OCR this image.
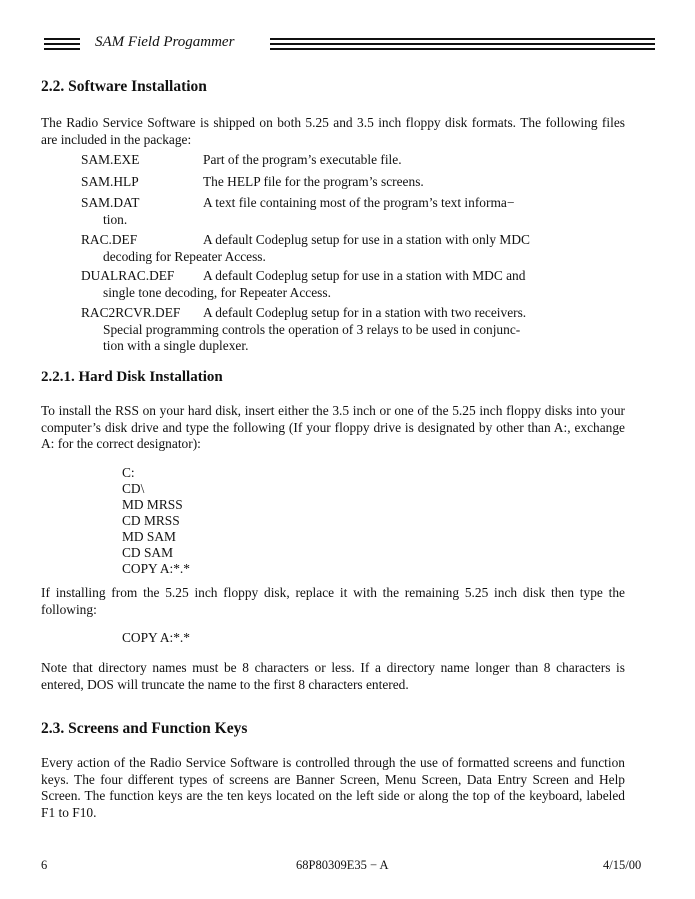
SAM Field Progammer
2.2. Software Installation

The Radio Service Software is shipped on both 5.25 and 3.5 inch floppy disk formats. The following files are included in the package:

SAM.EXE	Part of the program’s executable file.
SAM.HLP	The HELP file for the program’s screens.
SAM.DAT	A text file containing most of the program’s text informa−
tion.
RAC.DEF	A default Codeplug setup for use in a station with only MDC
decoding for Repeater Access.
DUALRAC.DEF A default Codeplug setup for use in a station with MDC and
single tone decoding, for Repeater Access.
RAC2RCVR.DEF A default Codeplug setup for in a station with two receivers.
Special programming controls the operation of 3 relays to be used in conjunc-
tion with a single duplexer.
2.2.1. Hard Disk Installation

To install the RSS on your hard disk, insert either the 3.5 inch or one of the 5.25 inch floppy disks into your computer’s disk drive and type the following (If your floppy drive is designated by other than A:, exchange A: for the correct designator):

C:
CD\
MD MRSS
CD MRSS
MD SAM
CD SAM
COPY A:*.*

If installing from the 5.25 inch floppy disk, replace it with the remaining 5.25 inch disk then type the following:

COPY A:*.*

Note that directory names must be 8 characters or less. If a directory name longer than 8 characters is entered, DOS will truncate the name to the first 8 characters entered.

2.3. Screens and Function Keys

Every action of the Radio Service Software is controlled through the use of formatted screens and function keys. The four different types of screens are Banner Screen, Menu Screen, Data Entry Screen and Help Screen. The function keys are the ten keys located on the left side or along the top of the keyboard, labeled F1 to F10.

6	68P80309E35 − A	4/15/00
